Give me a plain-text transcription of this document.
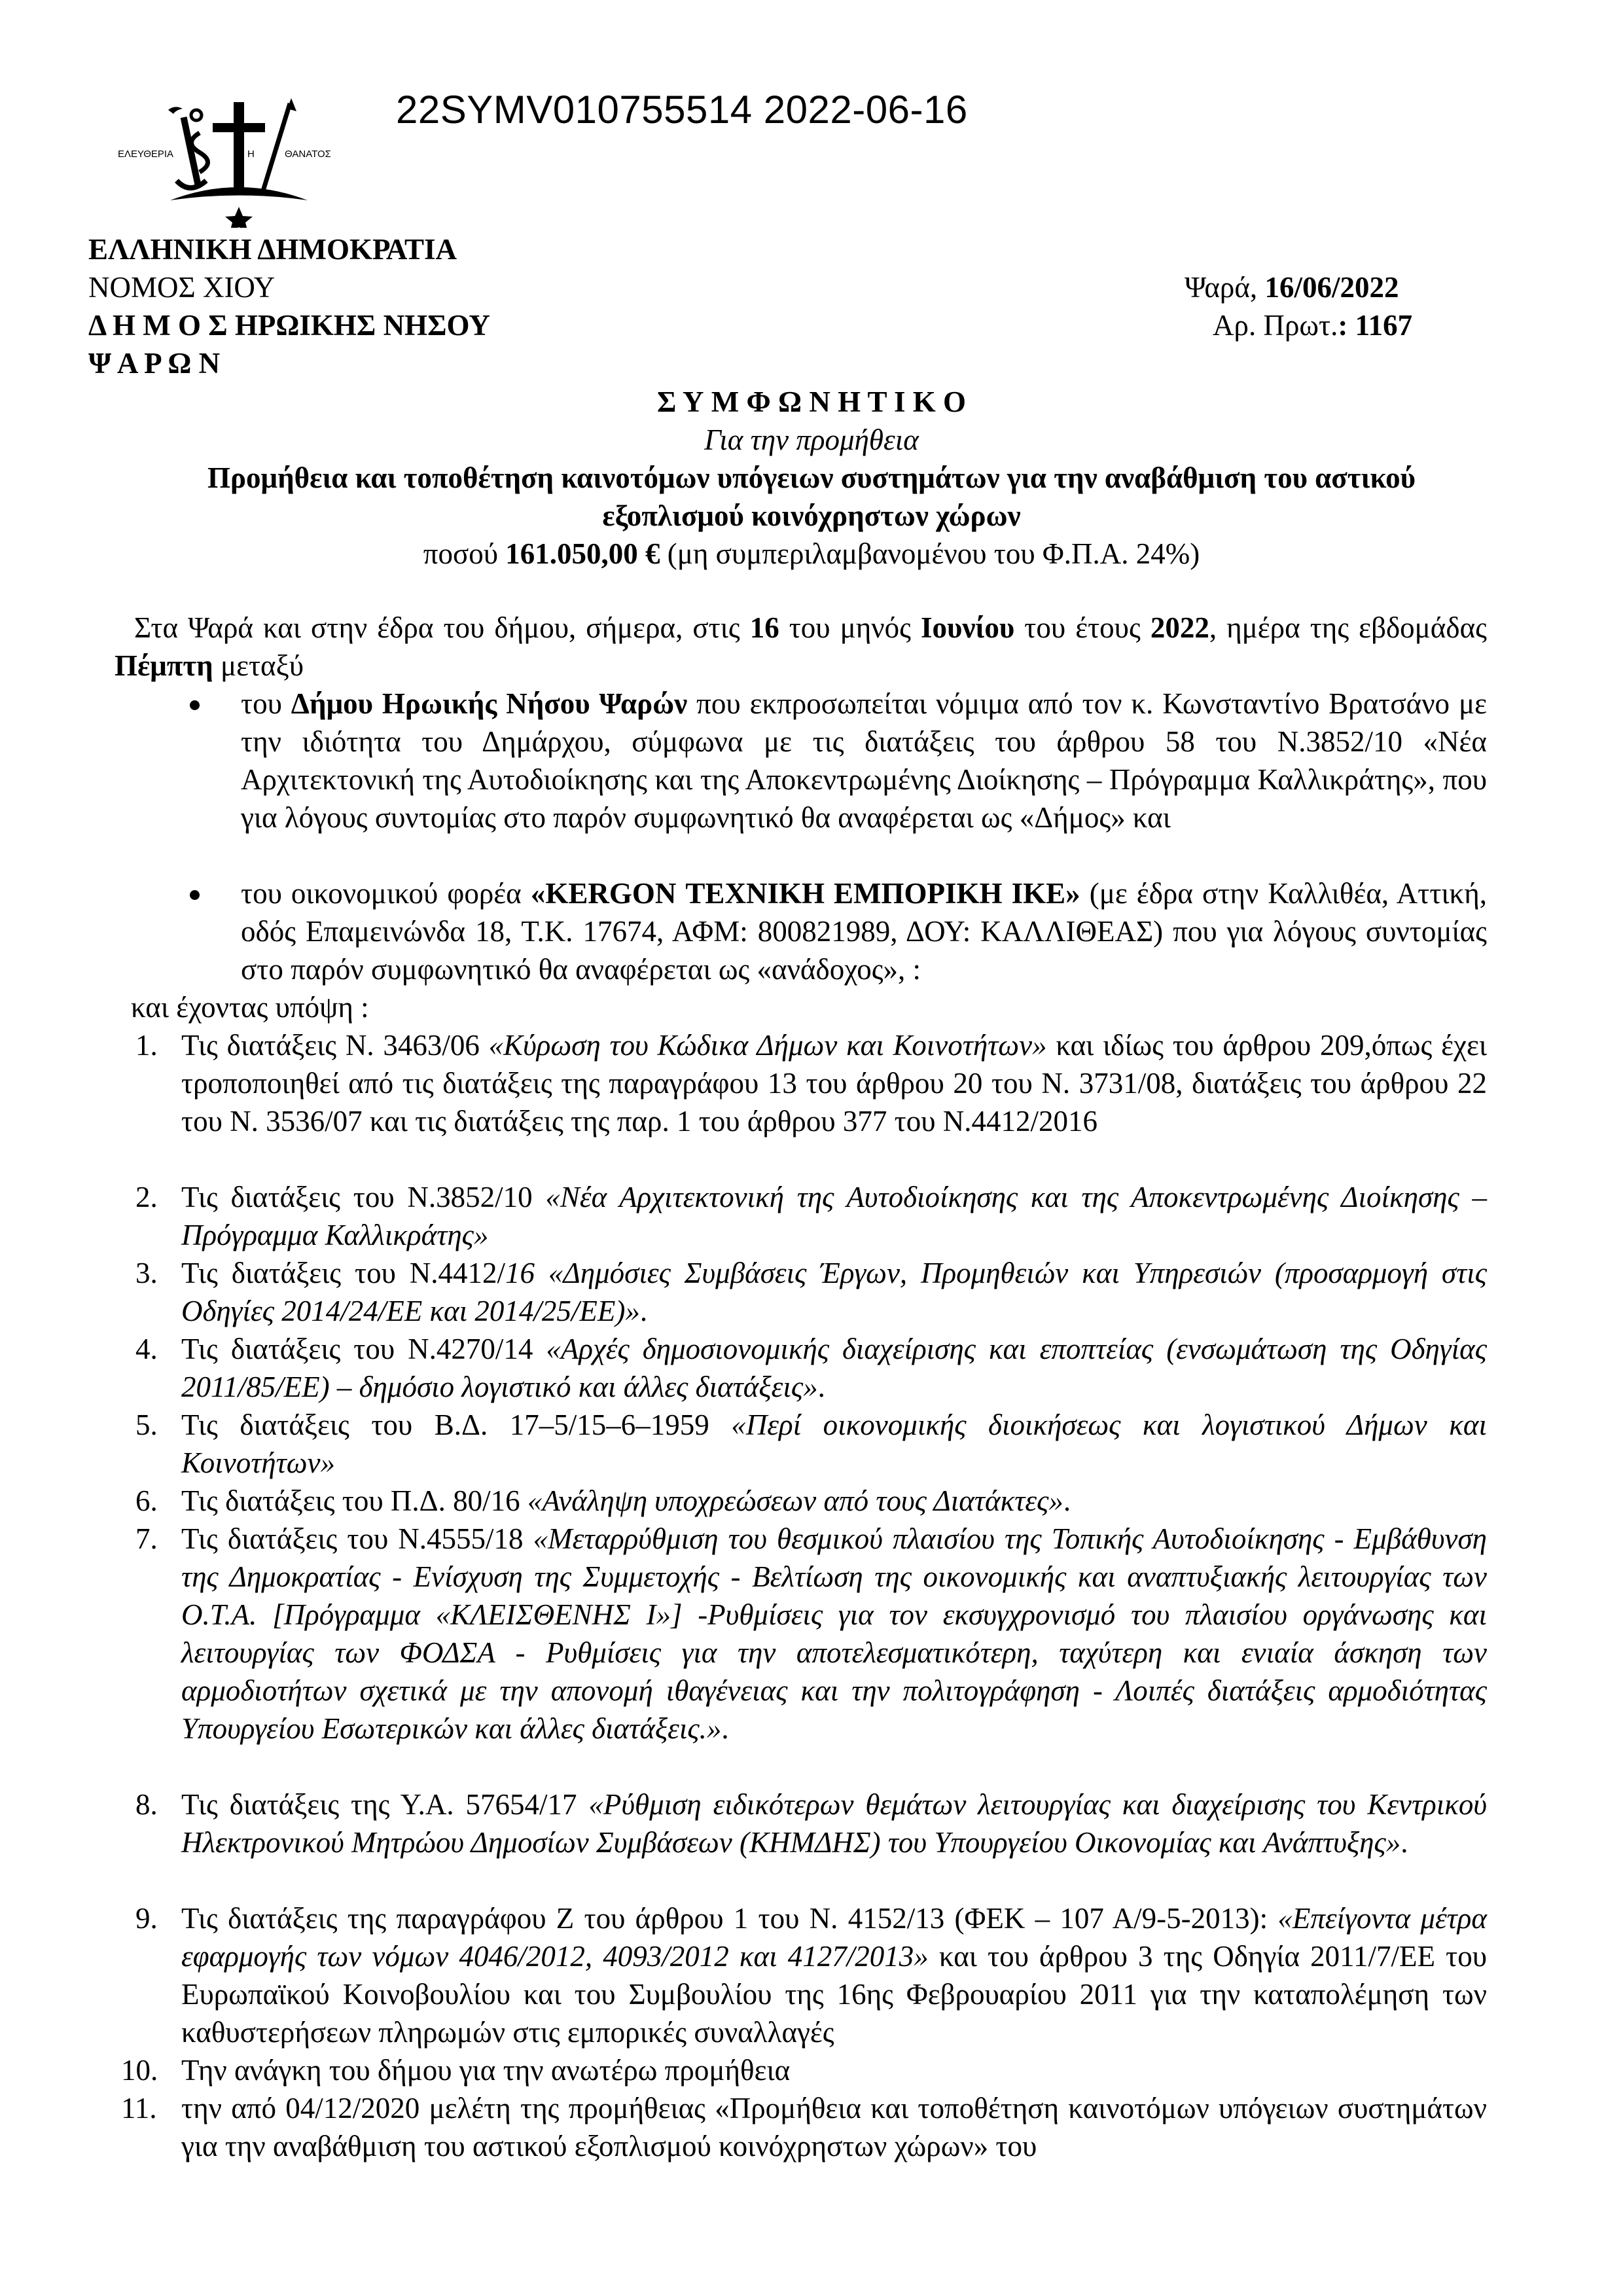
ΕΛΕΥΘΕΡΙΑ	Η	ΘΑΝΑΤΟΣ
22SYMV010755514 2022-06-16
ΕΛΛΗΝΙΚΗ ΔΗΜΟΚΡΑΤΙΑ
ΝΟΜΟΣ ΧΙΟΥ
Δ Η Μ Ο Σ ΗΡΩΙΚΗΣ ΝΗΣΟΥ
Ψ Α Ρ Ω Ν
Ψαρά, 16/06/2022
Αρ. Πρωτ.: 1167
Σ Υ Μ Φ Ω Ν Η Τ Ι Κ Ο
Για την προμήθεια
Προμήθεια και τοποθέτηση καινοτόμων υπόγειων συστημάτων για την αναβάθμιση του αστικού
εξοπλισμού κοινόχρηστων χώρων
ποσού 161.050,00 € (μη συμπεριλαμβανομένου του Φ.Π.Α. 24%)
Στα Ψαρά και στην έδρα του δήμου, σήμερα, στις 16 του μηνός Ιουνίου του έτους 2022, ημέρα της εβδομάδας Πέμπτη μεταξύ
του Δήμου Ηρωικής Νήσου Ψαρών που εκπροσωπείται νόμιμα από τον κ. Κωνσταντίνο Βρατσάνο με την ιδιότητα του Δημάρχου, σύμφωνα με τις διατάξεις του άρθρου 58 του Ν.3852/10 «Νέα Αρχιτεκτονική της Αυτοδιοίκησης και της Αποκεντρωμένης Διοίκησης – Πρόγραμμα Καλλικράτης», που για λόγους συντομίας στο παρόν συμφωνητικό θα αναφέρεται ως «Δήμος» και
του οικονομικού φορέα «KERGON ΤΕΧΝΙΚΗ ΕΜΠΟΡΙΚΗ ΙΚΕ» (με έδρα στην Καλλιθέα, Αττική, οδός Επαμεινώνδα 18, Τ.Κ. 17674, ΑΦΜ: 800821989, ΔΟΥ: ΚΑΛΛΙΘΕΑΣ) που για λόγους συντομίας στο παρόν συμφωνητικό θα αναφέρεται ως «ανάδοχος», :
και έχοντας υπόψη :
1. Τις διατάξεις Ν. 3463/06 «Κύρωση του Κώδικα Δήμων και Κοινοτήτων» και ιδίως του άρθρου 209,όπως έχει τροποποιηθεί από τις διατάξεις της παραγράφου 13 του άρθρου 20 του Ν. 3731/08, διατάξεις του άρθρου 22 του Ν. 3536/07 και τις διατάξεις της παρ. 1 του άρθρου 377 του Ν.4412/2016
2. Τις διατάξεις του Ν.3852/10 «Νέα Αρχιτεκτονική της Αυτοδιοίκησης και της Αποκεντρωμένης Διοίκησης – Πρόγραμμα Καλλικράτης»
3. Τις διατάξεις του Ν.4412/16 «Δημόσιες Συμβάσεις Έργων, Προμηθειών και Υπηρεσιών (προσαρμογή στις Οδηγίες 2014/24/ΕΕ και 2014/25/ΕΕ)».
4. Τις διατάξεις του Ν.4270/14 «Αρχές δημοσιονομικής διαχείρισης και εποπτείας (ενσωμάτωση της Οδηγίας 2011/85/ΕΕ) – δημόσιο λογιστικό και άλλες διατάξεις».
5. Τις διατάξεις του Β.Δ. 17–5/15–6–1959 «Περί οικονομικής διοικήσεως και λογιστικού Δήμων και Κοινοτήτων»
6. Τις διατάξεις του Π.Δ. 80/16 «Ανάληψη υποχρεώσεων από τους Διατάκτες».
7. Τις διατάξεις του Ν.4555/18 «Μεταρρύθμιση του θεσμικού πλαισίου της Τοπικής Αυτοδιοίκησης - Εμβάθυνση της Δημοκρατίας - Ενίσχυση της Συμμετοχής - Βελτίωση της οικονομικής και αναπτυξιακής λειτουργίας των Ο.Τ.Α. [Πρόγραμμα «ΚΛΕΙΣΘΕΝΗΣ Ι»] -Ρυθμίσεις για τον εκσυγχρονισμό του πλαισίου οργάνωσης και λειτουργίας των ΦΟΔΣΑ - Ρυθμίσεις για την αποτελεσματικότερη, ταχύτερη και ενιαία άσκηση των αρμοδιοτήτων σχετικά με την απονομή ιθαγένειας και την πολιτογράφηση - Λοιπές διατάξεις αρμοδιότητας Υπουργείου Εσωτερικών και άλλες διατάξεις.».
8. Τις διατάξεις της Υ.Α. 57654/17 «Ρύθμιση ειδικότερων θεμάτων λειτουργίας και διαχείρισης του Κεντρικού Ηλεκτρονικού Μητρώου Δημοσίων Συμβάσεων (ΚΗΜΔΗΣ) του Υπουργείου Οικονομίας και Ανάπτυξης».
9. Τις διατάξεις της παραγράφου Ζ του άρθρου 1 του Ν. 4152/13 (ΦΕΚ – 107 Α/9-5-2013): «Επείγοντα μέτρα εφαρμογής των νόμων 4046/2012, 4093/2012 και 4127/2013» και του άρθρου 3 της Οδηγία 2011/7/ΕΕ του Ευρωπαϊκού Κοινοβουλίου και του Συμβουλίου της 16ης Φεβρουαρίου 2011 για την καταπολέμηση των καθυστερήσεων πληρωμών στις εμπορικές συναλλαγές
10. Την ανάγκη του δήμου για την ανωτέρω προμήθεια
11. την από 04/12/2020 μελέτη της προμήθειας «Προμήθεια και τοποθέτηση καινοτόμων υπόγειων συστημάτων για την αναβάθμιση του αστικού εξοπλισμού κοινόχρηστων χώρων» του
